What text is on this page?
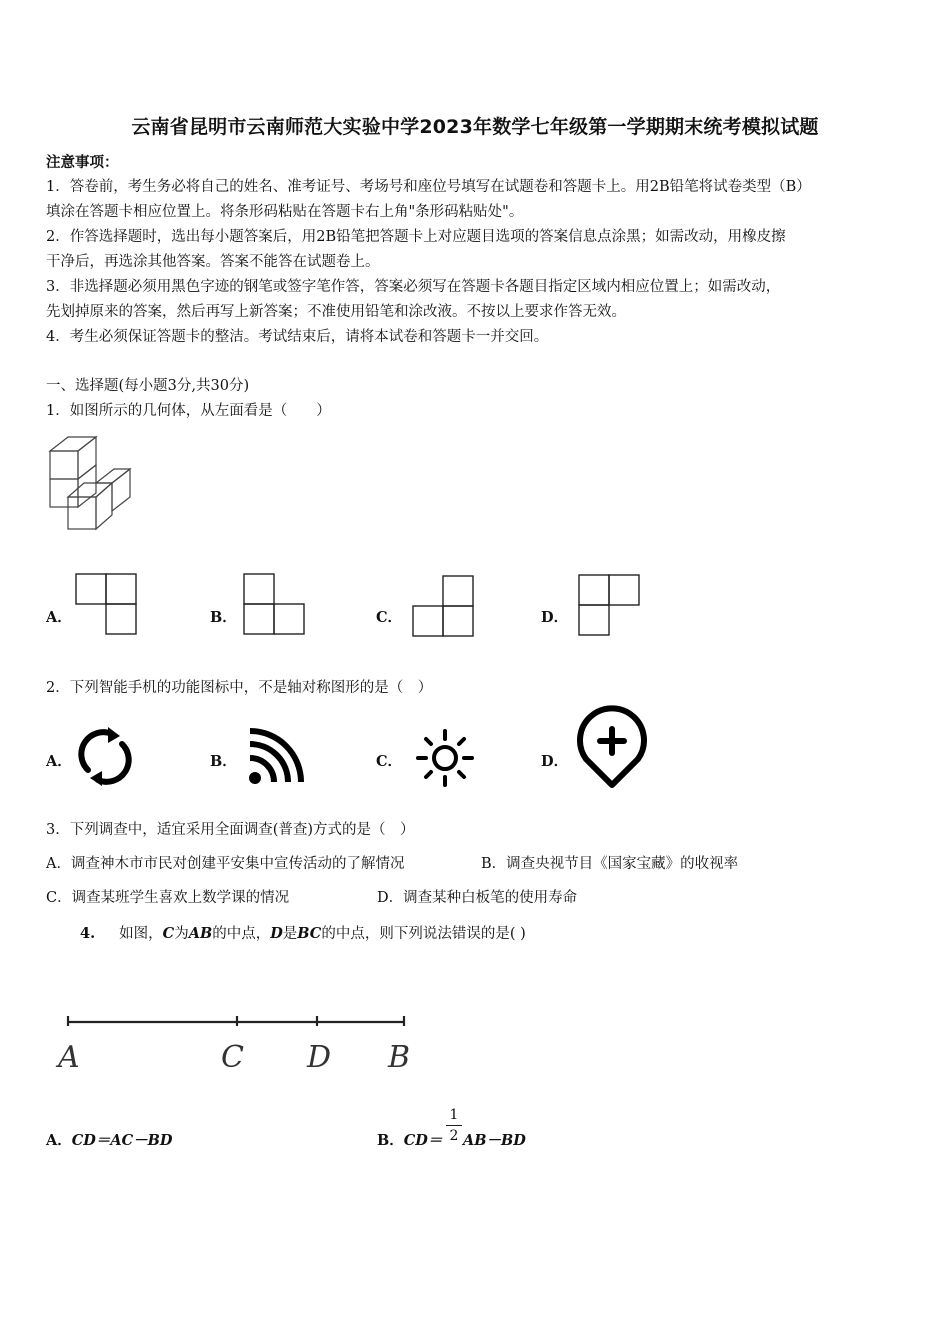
云南省昆明市云南师范大实验中学2023年数学七年级第一学期期末统考模拟试题
注意事项：
1．答卷前，考生务必将自己的姓名、准考证号、考场号和座位号填写在试题卷和答题卡上。用2B铅笔将试卷类型（B）
填涂在答题卡相应位置上。将条形码粘贴在答题卡右上角"条形码粘贴处"。
2．作答选择题时，选出每小题答案后，用2B铅笔把答题卡上对应题目选项的答案信息点涂黑；如需改动，用橡皮擦
干净后，再选涂其他答案。答案不能答在试题卷上。
3．非选择题必须用黑色字迹的钢笔或签字笔作答，答案必须写在答题卡各题目指定区域内相应位置上；如需改动，
先划掉原来的答案，然后再写上新答案；不准使用铅笔和涂改液。不按以上要求作答无效。
4．考生必须保证答题卡的整洁。考试结束后，请将本试卷和答题卡一并交回。
一、选择题(每小题3分,共30分)
1．如图所示的几何体，从左面看是（　　）
A．	B．	C．	D．
2．下列智能手机的功能图标中，不是轴对称图形的是（　）
A．	B．	C．	D．
3．下列调查中，适宜采用全面调查(普查)方式的是（　）
A．调查神木市市民对创建平安集中宣传活动的了解情况	B．调查央视节目《国家宝藏》的收视率
C．调查某班学生喜欢上数学课的情况	D．调查某种白板笔的使用寿命
4. 如图，C为AB的中点，D是BC的中点，则下列说法错误的是( )
A	C D B
A．CD＝AC－BD	B．CD＝
1
2 AB－BD
